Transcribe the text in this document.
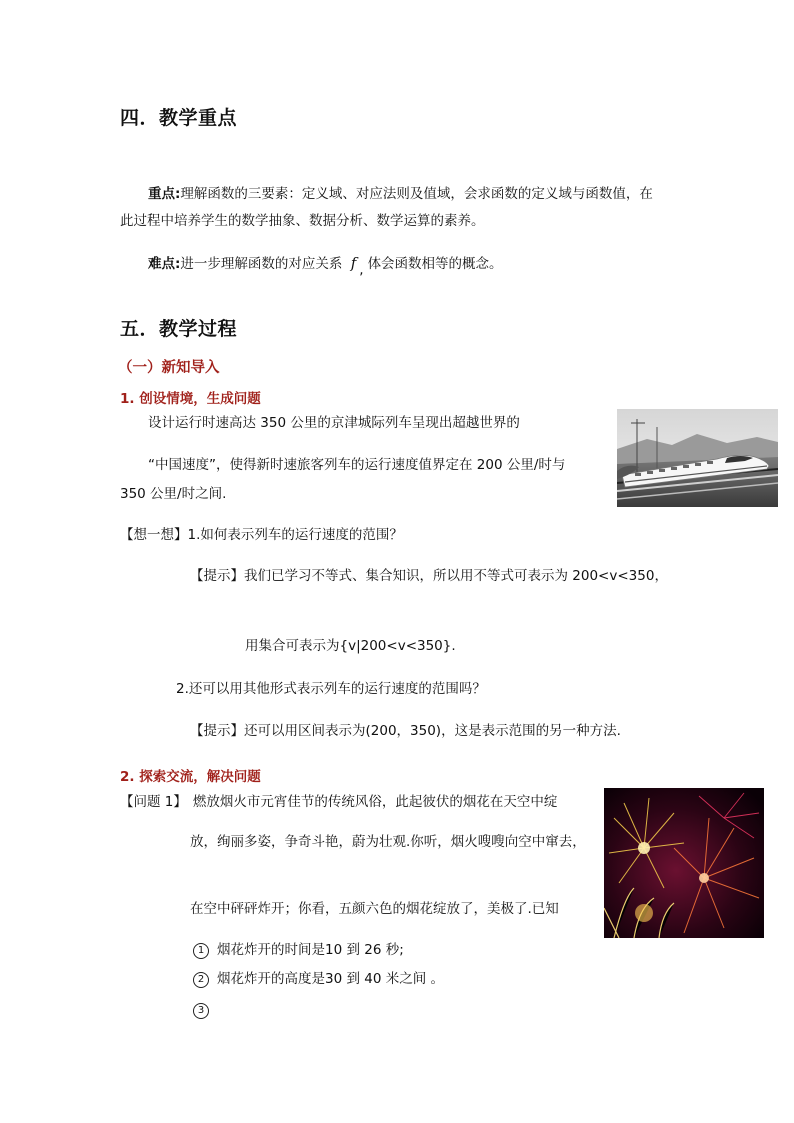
四．教学重点
重点:理解函数的三要素：定义域、对应法则及值域，会求函数的定义域与函数值，在
此过程中培养学生的数学抽象、数据分析、数学运算的素养。
难点:进一步理解函数的对应关系 f , 体会函数相等的概念。
五．教学过程
（一）新知导入
1. 创设情境，生成问题
设计运行时速高达 350 公里的京津城际列车呈现出超越世界的
“中国速度”，使得新时速旅客列车的运行速度值界定在 200 公里/时与
350 公里/时之间.
【想一想】1.如何表示列车的运行速度的范围？
【提示】我们已学习不等式、集合知识，所以用不等式可表示为 200<v<350，
用集合可表示为{v|200<v<350}.
2.还可以用其他形式表示列车的运行速度的范围吗？
【提示】还可以用区间表示为(200，350)，这是表示范围的另一种方法.
2. 探索交流，解决问题
【问题 1】 燃放烟火市元宵佳节的传统风俗，此起彼伏的烟花在天空中绽
放，绚丽多姿，争奇斗艳，蔚为壮观.你听，烟火嗖嗖向空中窜去，
在空中砰砰炸开；你看，五颜六色的烟花绽放了，美极了.已知
1 烟花炸开的时间是10 到 26 秒;
2 烟花炸开的高度是30 到 40 米之间 。
3
